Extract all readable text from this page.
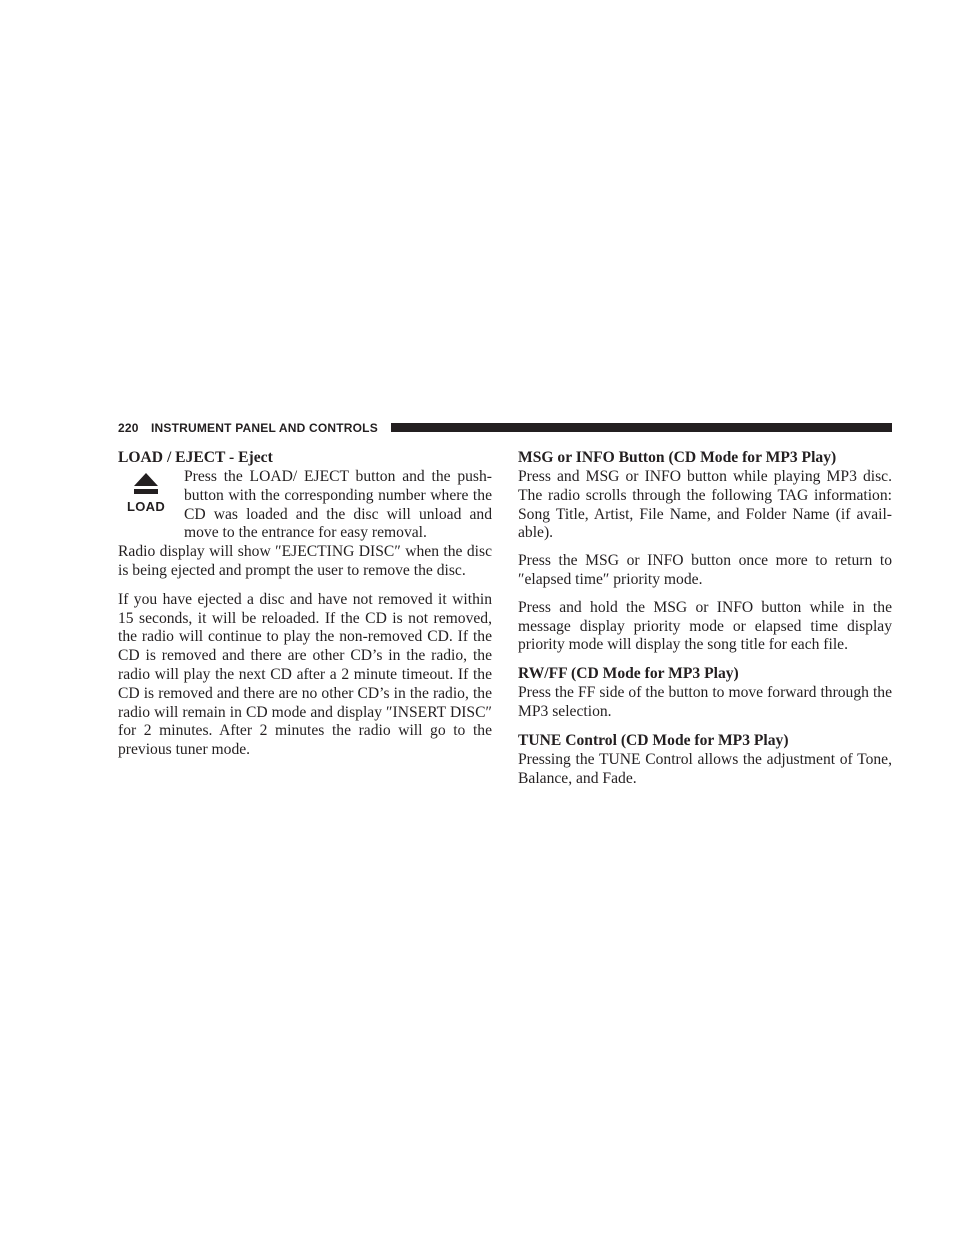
220 INSTRUMENT PANEL AND CONTROLS
LOAD / EJECT - Eject
LOAD

Press the LOAD/ EJECT button and the push-button with the corresponding number where the CD was loaded and the disc will unload and move to the entrance for easy removal.

Radio display will show ″EJECTING DISC″ when the disc is being ejected and prompt the user to remove the disc.

If you have ejected a disc and have not removed it within 15 seconds, it will be reloaded. If the CD is not removed, the radio will continue to play the non-removed CD. If the CD is removed and there are other CD’s in the radio, the radio will play the next CD after a 2 minute timeout. If the CD is removed and there are no other CD’s in the radio, the radio will remain in CD mode and display ″INSERT DISC″ for 2 minutes. After 2 minutes the radio will go to the previous tuner mode.

MSG or INFO Button (CD Mode for MP3 Play)

Press and MSG or INFO button while playing MP3 disc. The radio scrolls through the following TAG information: Song Title, Artist, File Name, and Folder Name (if avail-able).

Press the MSG or INFO button once more to return to ″elapsed time″ priority mode.

Press and hold the MSG or INFO button while in the message display priority mode or elapsed time display priority mode will display the song title for each file.

RW/FF (CD Mode for MP3 Play)

Press the FF side of the button to move forward through the MP3 selection.

TUNE Control (CD Mode for MP3 Play)

Pressing the TUNE Control allows the adjustment of Tone, Balance, and Fade.
